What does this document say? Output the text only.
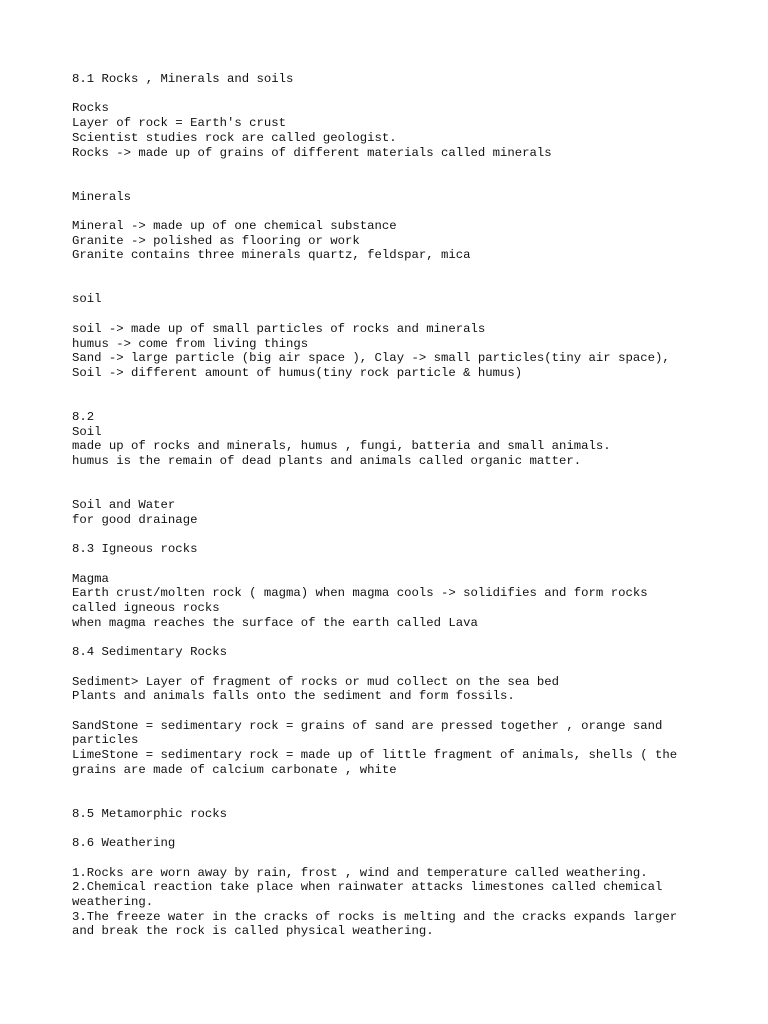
8.1 Rocks , Minerals and soils
Rocks
Layer of rock = Earth's crust
Scientist studies rock are called geologist.
Rocks -> made up of grains of different materials called minerals
Minerals
Mineral -> made up of one chemical substance
Granite -> polished as flooring or work
Granite contains three minerals quartz, feldspar, mica
soil
soil -> made up of small particles of rocks and minerals
humus -> come from living things
Sand -> large particle (big air space ), Clay -> small particles(tiny air space),
Soil -> different amount of humus(tiny rock particle & humus)
8.2
Soil
made up of rocks and minerals, humus , fungi, batteria and small animals.
humus is the remain of dead plants and animals called organic matter.
Soil and Water
for good drainage
8.3 Igneous rocks
Magma
Earth crust/molten rock ( magma) when magma cools -> solidifies and form rocks
called igneous rocks
when magma reaches the surface of the earth called Lava
8.4 Sedimentary Rocks
Sediment> Layer of fragment of rocks or mud collect on the sea bed
Plants and animals falls onto the sediment and form fossils.
SandStone = sedimentary rock = grains of sand are pressed together , orange sand
particles
LimeStone = sedimentary rock = made up of little fragment of animals, shells ( the
grains are made of calcium carbonate , white
8.5 Metamorphic rocks
8.6 Weathering
1.Rocks are worn away by rain, frost , wind and temperature called weathering.
2.Chemical reaction take place when rainwater attacks limestones called chemical
weathering.
3.The freeze water in the cracks of rocks is melting and the cracks expands larger
and break the rock is called physical weathering.
